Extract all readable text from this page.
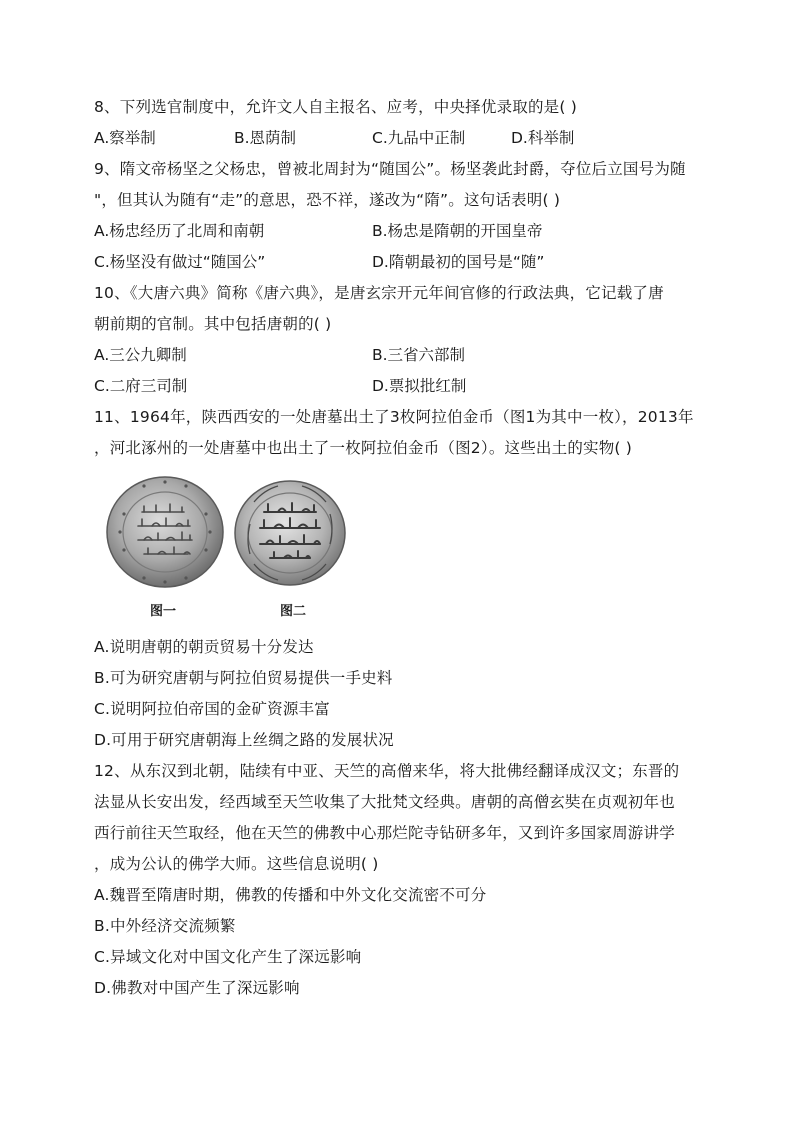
8、下列选官制度中，允许文人自主报名、应考，中央择优录取的是( )
A.察举制	B.恩荫制	C.九品中正制	D.科举制
9、隋文帝杨坚之父杨忠，曾被北周封为“随国公”。杨坚袭此封爵，夺位后立国号为随
"，但其认为随有“走”的意思，恐不祥，遂改为“隋”。这句话表明( )
A.杨忠经历了北周和南朝	B.杨忠是隋朝的开国皇帝
C.杨坚没有做过“随国公”	D.隋朝最初的国号是“随”
10、《大唐六典》简称《唐六典》，是唐玄宗开元年间官修的行政法典，它记载了唐
朝前期的官制。其中包括唐朝的( )
A.三公九卿制	B.三省六部制
C.二府三司制	D.票拟批红制
11、1964年，陕西西安的一处唐墓出土了3枚阿拉伯金币（图1为其中一枚），2013年
，河北涿州的一处唐墓中也出土了一枚阿拉伯金币（图2）。这些出土的实物( )
图一	图二
A.说明唐朝的朝贡贸易十分发达
B.可为研究唐朝与阿拉伯贸易提供一手史料
C.说明阿拉伯帝国的金矿资源丰富
D.可用于研究唐朝海上丝绸之路的发展状况
12、从东汉到北朝，陆续有中亚、天竺的高僧来华，将大批佛经翻译成汉文；东晋的
法显从长安出发，经西域至天竺收集了大批梵文经典。唐朝的高僧玄奘在贞观初年也
西行前往天竺取经，他在天竺的佛教中心那烂陀寺钻研多年，又到许多国家周游讲学
，成为公认的佛学大师。这些信息说明( )
A.魏晋至隋唐时期，佛教的传播和中外文化交流密不可分
B.中外经济交流频繁
C.异域文化对中国文化产生了深远影响
D.佛教对中国产生了深远影响
